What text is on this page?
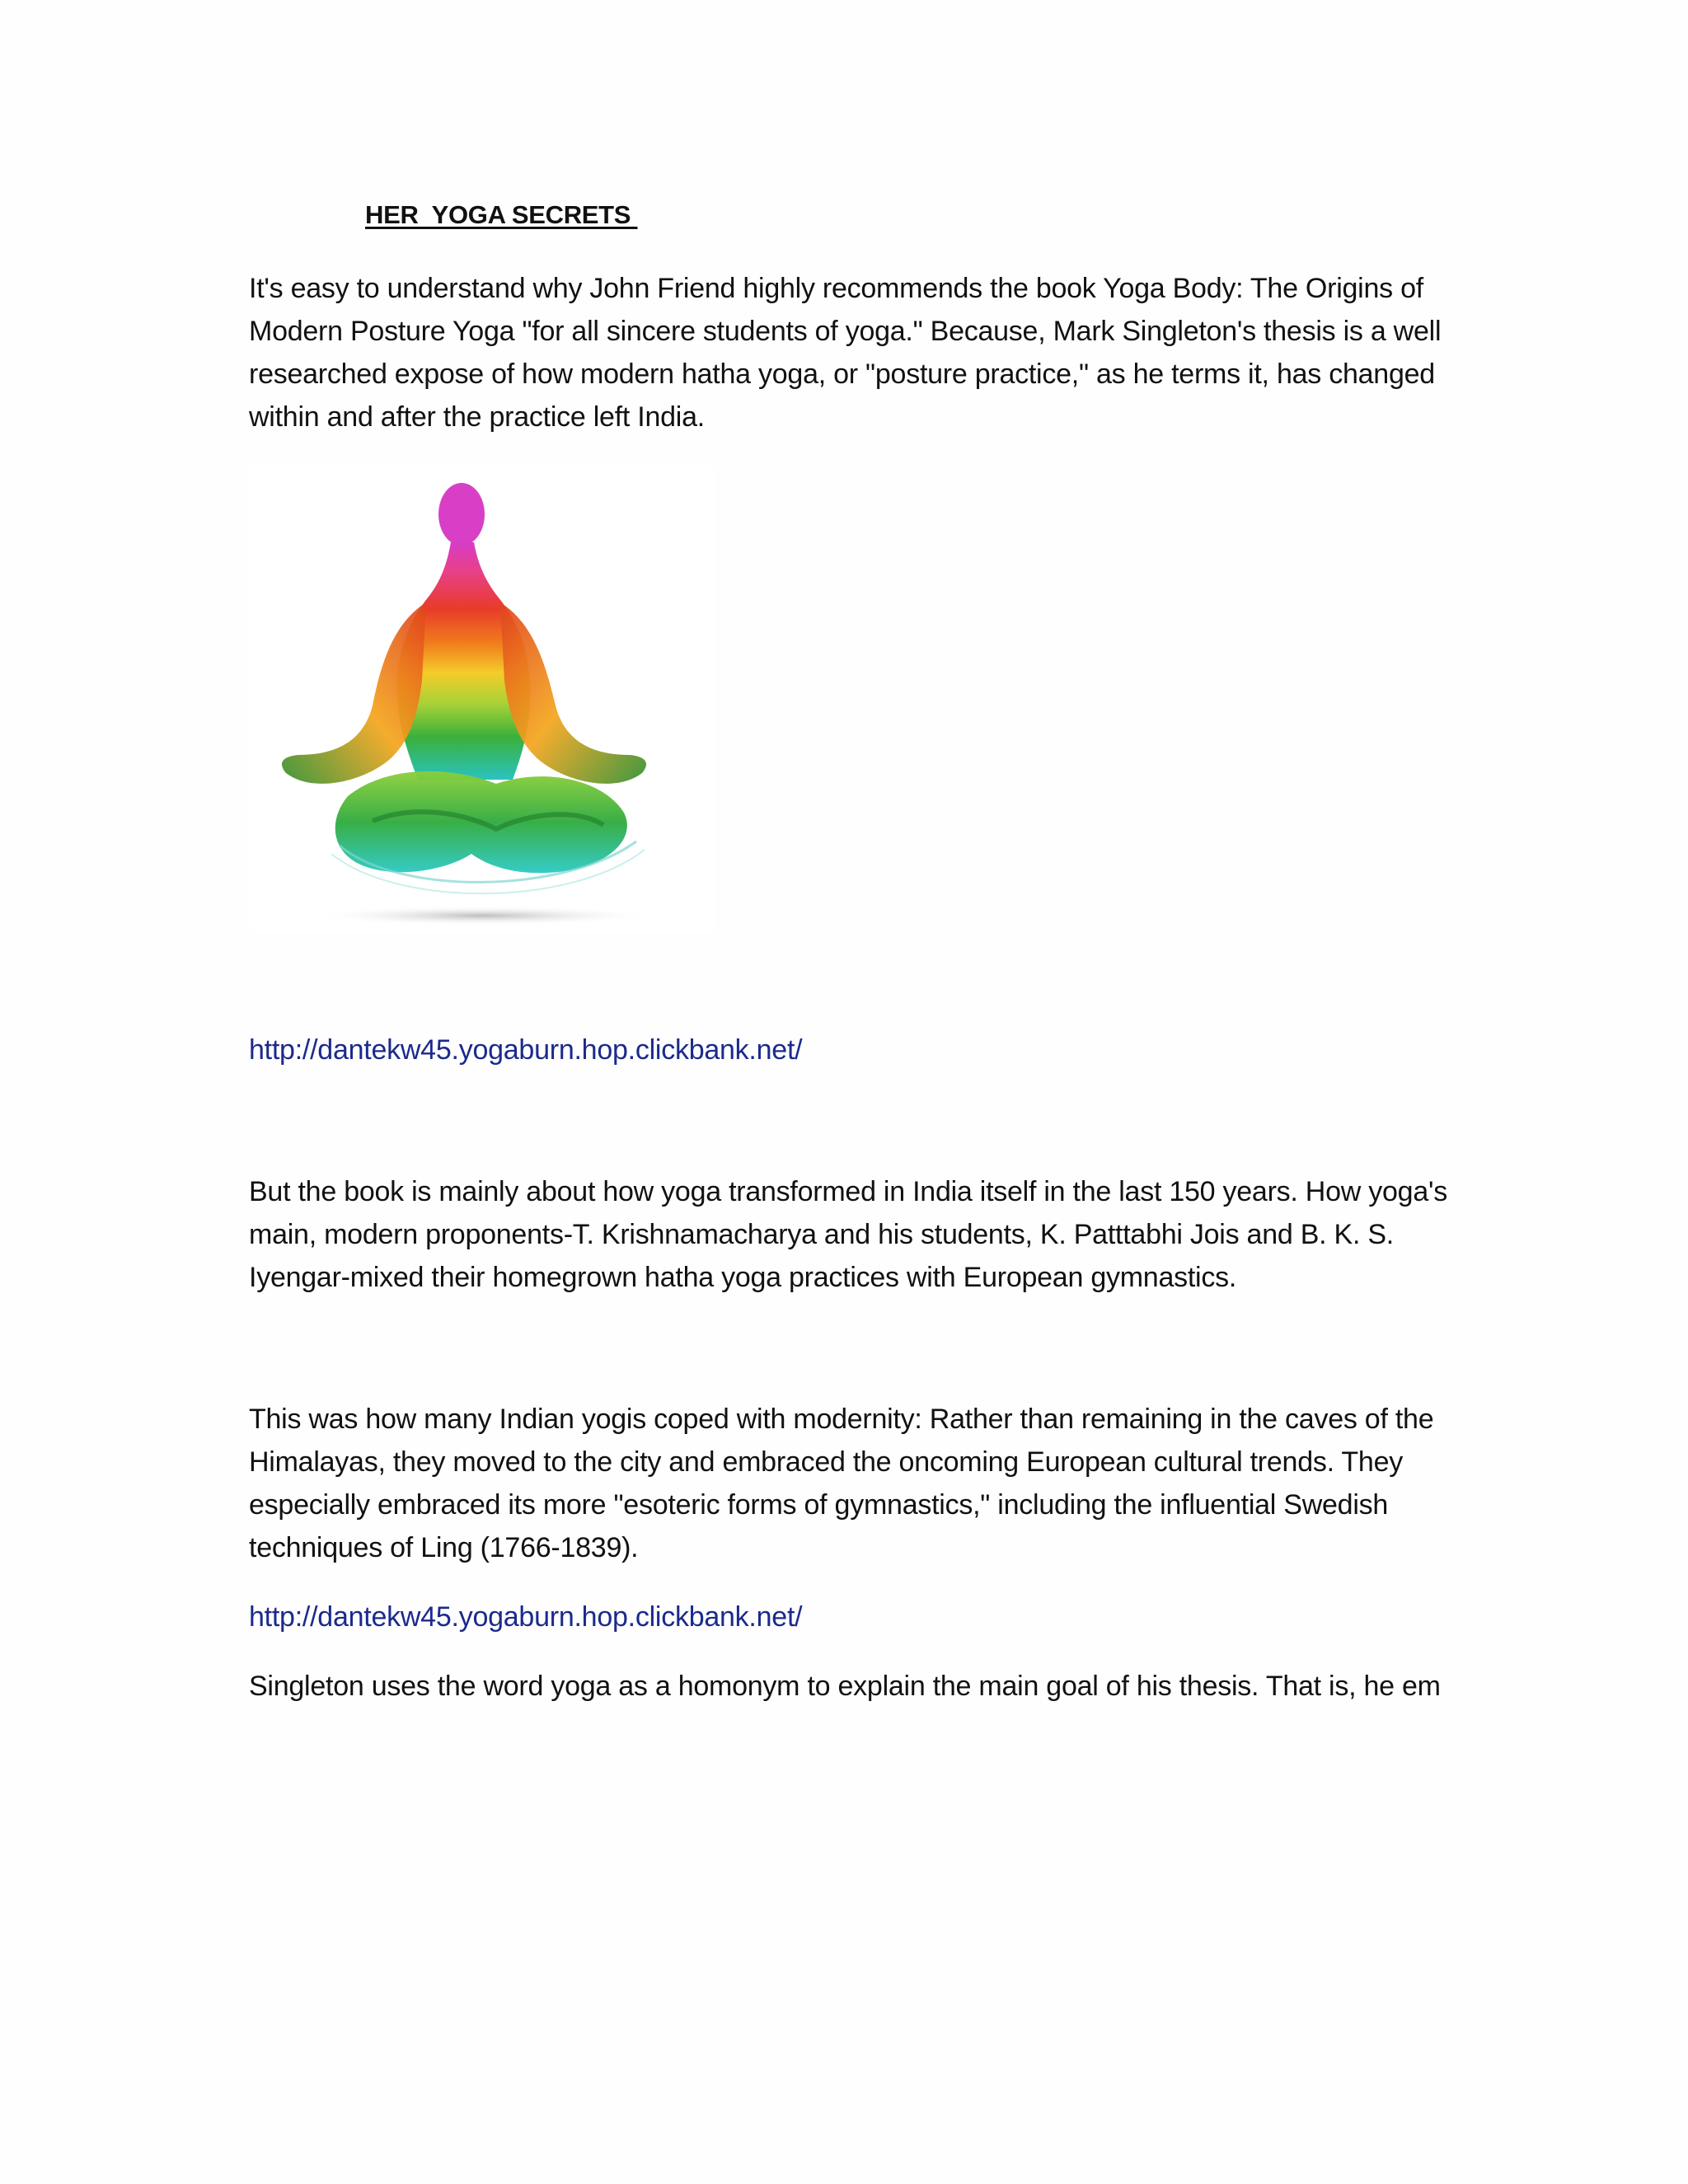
HER  YOGA SECRETS

It's easy to understand why John Friend highly recommends the book Yoga Body: The Origins of Modern Posture Yoga "for all sincere students of yoga." Because, Mark Singleton's thesis is a well researched expose of how modern hatha yoga, or "posture practice," as he terms it, has changed within and after the practice left India.

http://dantekw45.yogaburn.hop.clickbank.net/

But the book is mainly about how yoga transformed in India itself in the last 150 years. How yoga's main, modern proponents-T. Krishnamacharya and his students, K. Patttabhi Jois and B. K. S. Iyengar-mixed their homegrown hatha yoga practices with European gymnastics.

This was how many Indian yogis coped with modernity: Rather than remaining in the caves of the Himalayas, they moved to the city and embraced the oncoming European cultural trends. They especially embraced its more "esoteric forms of gymnastics," including the influential Swedish techniques of Ling (1766-1839).

http://dantekw45.yogaburn.hop.clickbank.net/

Singleton uses the word yoga as a homonym to explain the main goal of his thesis. That is, he em
